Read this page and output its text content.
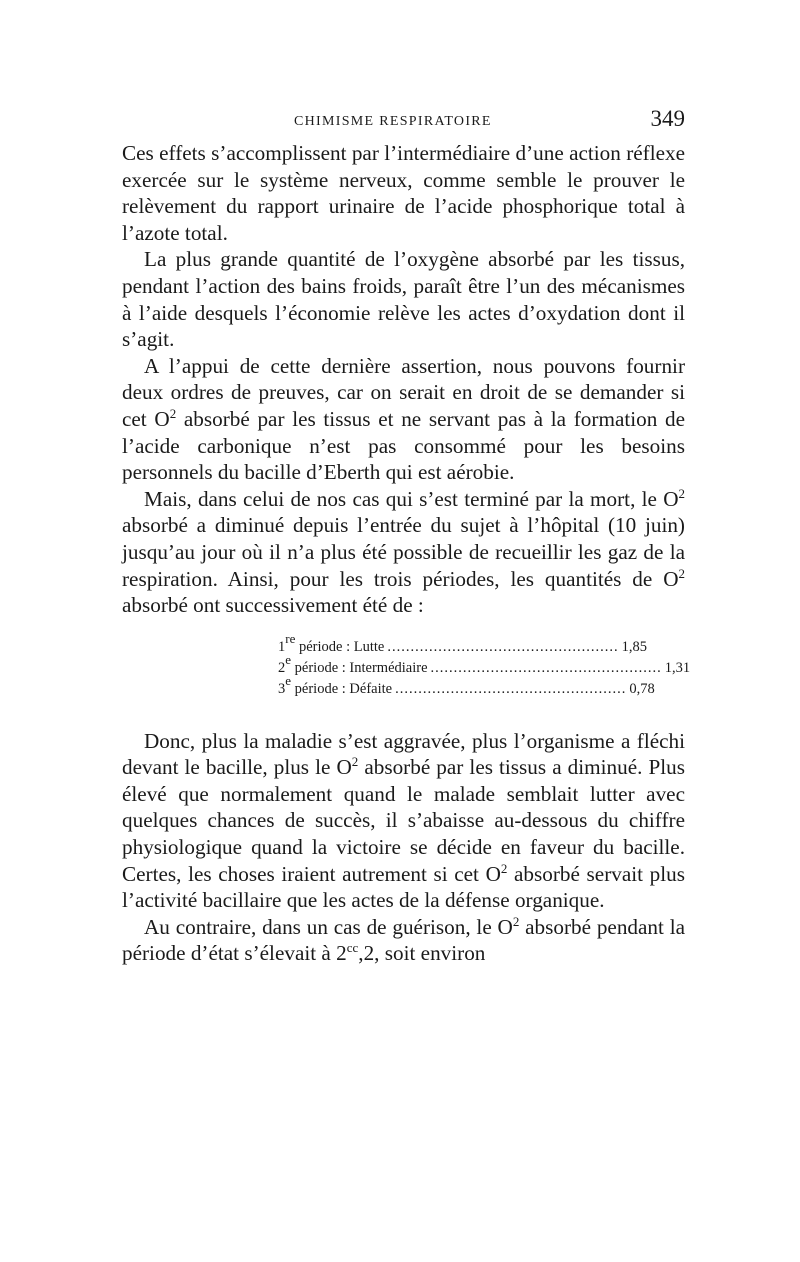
CHIMISME RESPIRATOIRE	349

Ces effets s’accomplissent par l’intermédiaire d’une action réflexe exercée sur le système nerveux, comme semble le prouver le relèvement du rapport urinaire de l’acide phosphorique total à l’azote total.

La plus grande quantité de l’oxygène absorbé par les tissus, pendant l’action des bains froids, paraît être l’un des mécanismes à l’aide desquels l’économie relève les actes d’oxydation dont il s’agit.

A l’appui de cette dernière assertion, nous pouvons fournir deux ordres de preuves, car on serait en droit de se demander si cet $O^2$ absorbé par les tissus et ne servant pas à la formation de l’acide carbonique n’est pas consommé pour les besoins personnels du bacille d’Eberth qui est aérobie.

Mais, dans celui de nos cas qui s’est terminé par la mort, le $O^2$ absorbé a diminué depuis l’entrée du sujet à l’hôpital (10 juin) jusqu’au jour où il n’a plus été possible de recueillir les gaz de la respiration. Ainsi, pour les trois périodes, les quantités de $O^2$ absorbé ont successivement été de :

1re période : Lutte .................................................. 1,85
2e période : Intermédiaire .................................................. 1,31
3e période : Défaite .................................................. 0,78

Donc, plus la maladie s’est aggravée, plus l’organisme a fléchi devant le bacille, plus le $O^2$ absorbé par les tissus a diminué. Plus élevé que normalement quand le malade semblait lutter avec quelques chances de succès, il s’abaisse au-dessous du chiffre physiologique quand la victoire se décide en faveur du bacille. Certes, les choses iraient autrement si cet $O^2$ absorbé servait plus l’activité bacillaire que les actes de la défense organique.

Au contraire, dans un cas de guérison, le $O^2$ absorbé pendant la période d’état s’élevait à $2^{cc},2$, soit environ
